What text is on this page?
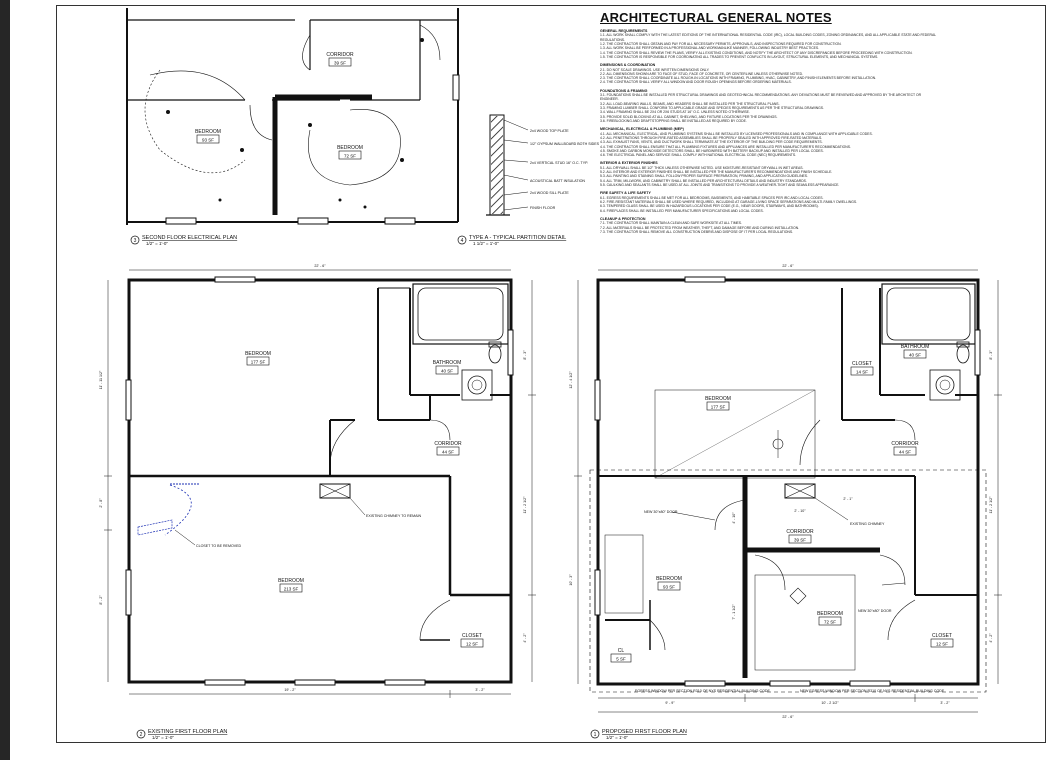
ARCHITECTURAL GENERAL NOTES
GENERAL REQUIREMENTS
1.1. ALL WORK SHALL COMPLY WITH THE LATEST EDITIONS OF THE INTERNATIONAL RESIDENTIAL CODE (IRC), LOCAL BUILDING CODES, ZONING ORDINANCES, AND ALL APPLICABLE STATE AND FEDERAL
REGULATIONS.
1.2. THE CONTRACTOR SHALL OBTAIN AND PAY FOR ALL NECESSARY PERMITS, APPROVALS, AND INSPECTIONS REQUIRED FOR CONSTRUCTION.
1.3. ALL WORK SHALL BE PERFORMED IN A PROFESSIONAL AND WORKMANLIKE MANNER, FOLLOWING INDUSTRY BEST PRACTICES.
1.4. THE CONTRACTOR SHALL REVIEW THE PLANS, VERIFY ALL EXISTING CONDITIONS, AND NOTIFY THE ARCHITECT OF ANY DISCREPANCIES BEFORE PROCEEDING WITH CONSTRUCTION.
1.5. THE CONTRACTOR IS RESPONSIBLE FOR COORDINATING ALL TRADES TO PREVENT CONFLICTS IN LAYOUT, STRUCTURAL ELEMENTS, AND MECHANICAL SYSTEMS.
DIMENSIONS & COORDINATION
2.1. DO NOT SCALE DRAWINGS. USE WRITTEN DIMENSIONS ONLY.
2.2. ALL DIMENSIONS SHOWN ARE TO FACE OF STUD, FACE OF CONCRETE, OR CENTERLINE UNLESS OTHERWISE NOTED.
2.3. THE CONTRACTOR SHALL COORDINATE ALL ROUGH-IN LOCATIONS WITH FRAMING, PLUMBING, HVAC, CABINETRY, AND FINISH ELEMENTS BEFORE INSTALLATION.
2.4. THE CONTRACTOR SHALL VERIFY ALL WINDOW AND DOOR ROUGH OPENINGS BEFORE ORDERING MATERIALS.
FOUNDATIONS & FRAMING
3.1. FOUNDATIONS SHALL BE INSTALLED PER STRUCTURAL DRAWINGS AND GEOTECHNICAL RECOMMENDATIONS. ANY DEVIATIONS MUST BE REVIEWED AND APPROVED BY THE ARCHITECT OR
ENGINEER.
3.2. ALL LOAD-BEARING WALLS, BEAMS, AND HEADERS SHALL BE INSTALLED PER THE STRUCTURAL PLANS.
3.3. FRAMING LUMBER SHALL CONFORM TO APPLICABLE GRADE AND SPECIES REQUIREMENTS AS PER THE STRUCTURAL DRAWINGS.
3.4. WALL FRAMING SHALL BE 2X4 OR 2X6 STUDS AT 16" O.C. UNLESS NOTED OTHERWISE.
3.5. PROVIDE SOLID BLOCKING AT ALL CABINET, SHELVING, AND FIXTURE LOCATIONS PER THE DRAWINGS.
3.6. FIREBLOCKING AND DRAFTSTOPPING SHALL BE INSTALLED AS REQUIRED BY CODE.
MECHANICAL, ELECTRICAL & PLUMBING (MEP)
4.1. ALL MECHANICAL, ELECTRICAL, AND PLUMBING SYSTEMS SHALL BE INSTALLED BY LICENSED PROFESSIONALS AND IN COMPLIANCE WITH APPLICABLE CODES.
4.2. ALL PENETRATIONS THROUGH FIRE-RATED ASSEMBLIES SHALL BE PROPERLY SEALED WITH APPROVED FIRE-RATED MATERIALS.
4.3. ALL EXHAUST FANS, VENTS, AND DUCTWORK SHALL TERMINATE AT THE EXTERIOR OF THE BUILDING PER CODE REQUIREMENTS.
4.4. THE CONTRACTOR SHALL ENSURE THAT ALL PLUMBING FIXTURES AND APPLIANCES ARE INSTALLED PER MANUFACTURER'S RECOMMENDATIONS.
4.5. SMOKE AND CARBON MONOXIDE DETECTORS SHALL BE HARDWIRED WITH BATTERY BACKUP AND INSTALLED PER LOCAL CODES.
4.6. THE ELECTRICAL PANEL AND SERVICE SHALL COMPLY WITH NATIONAL ELECTRICAL CODE (NEC) REQUIREMENTS.
INTERIOR & EXTERIOR FINISHES
5.1. ALL DRYWALL SHALL BE 1/2" THICK UNLESS OTHERWISE NOTED. USE MOISTURE-RESISTANT DRYWALL IN WET AREAS.
5.2. ALL INTERIOR AND EXTERIOR FINISHES SHALL BE INSTALLED PER THE MANUFACTURER'S RECOMMENDATIONS AND FINISH SCHEDULE.
5.3. ALL PAINTING AND STAINING SHALL FOLLOW PROPER SURFACE PREPARATION, PRIMING, AND APPLICATION GUIDELINES.
5.4. ALL TRIM, MILLWORK, AND CABINETRY SHALL BE INSTALLED PER ARCHITECTURAL DETAILS AND INDUSTRY STANDARDS.
5.5. CAULKING AND SEALANTS SHALL BE USED AT ALL JOINTS AND TRANSITIONS TO PROVIDE A WEATHER-TIGHT AND SEAMLESS APPEARANCE.
FIRE SAFETY & LIFE SAFETY
6.1. EGRESS REQUIREMENTS SHALL BE MET FOR ALL BEDROOMS, BASEMENTS, AND HABITABLE SPACES PER IRC AND LOCAL CODES.
6.2. FIRE-RESISTANT MATERIALS SHALL BE USED WHERE REQUIRED, INCLUDING AT GARAGE-LIVING SPACE SEPARATIONS AND MULTI-FAMILY DWELLINGS.
6.3. TEMPERED GLASS SHALL BE USED IN HAZARDOUS LOCATIONS PER CODE (E.G., NEAR DOORS, STAIRWAYS, AND BATHROOMS).
6.4. FIREPLACES SHALL BE INSTALLED PER MANUFACTURER SPECIFICATIONS AND LOCAL CODES.
CLEANUP & PROTECTION
7.1. THE CONTRACTOR SHALL MAINTAIN A CLEAN AND SAFE WORKSITE AT ALL TIMES.
7.2. ALL MATERIALS SHALL BE PROTECTED FROM WEATHER, THEFT, AND DAMAGE BEFORE AND DURING INSTALLATION.
7.3. THE CONTRACTOR SHALL REMOVE ALL CONSTRUCTION DEBRIS AND DISPOSE OF IT PER LOCAL REGULATIONS.
CORRIDOR
39 SF
BEDROOM
93 SF
BEDROOM
72 SF
3 SECOND FLOOR ELECTRICAL PLAN
1/2" = 1'-0"
2x4 WOOD TOP PLATE
1/2" GYPSUM WALLBOARD BOTH SIDES
2x4 VERTICAL STUD 16" O.C. TYP.
ACOUSTICAL BATT INSULATION
2x4 WOOD SILL PLATE
FINISH FLOOR
4 TYPE A - TYPICAL PARTITION DETAIL
1 1/2" = 1'-0"
BEDROOM
177 SF	BATHROOM
40 SF
CORRIDOR
44 SF
BEDROOM
213 SF
CLOSET
12 SF
EXISTING CHIMNEY TO REMAIN
CLOSET TO BE REMOVED
22' - 6"
19' - 2"	3' - 2"
11' - 11 1/2"
2' - 8"
8' - 2"
8' - 3"
11' - 2 1/2"
4' - 2"
2 EXISTING FIRST FLOOR PLAN
1/2" = 1'-0"
BATHROOM
40 SF
CLOSET
14 SF
BEDROOM
177 SF
CORRIDOR
44 SF
CORRIDOR
39 SF
BEDROOM
93 SF
BEDROOM
72 SF
CL
5 SF
CLOSET
12 SF
NEW 30"x80" DOOR
EXISTING CHIMNEY
NEW 30"x80" DOOR
EGRESS WINDOW PER SECTION R310 OF NYS RESIDENTIAL BUILDING CODE	NEW EGRESS WINDOW PER SECTION R310 OF NYS RESIDENTIAL BUILDING CODE
22' - 6"
22' - 6"
9' - 9"	10' - 2 1/2"	3' - 2"
12' - 4 1/2"
10' - 3"
2' - 1"
2' - 10"
4' - 10"
7' - 1 1/2"
8' - 3"
11' - 2 1/2"
4' - 2"
1 PROPOSED FIRST FLOOR PLAN
1/2" = 1'-0"
